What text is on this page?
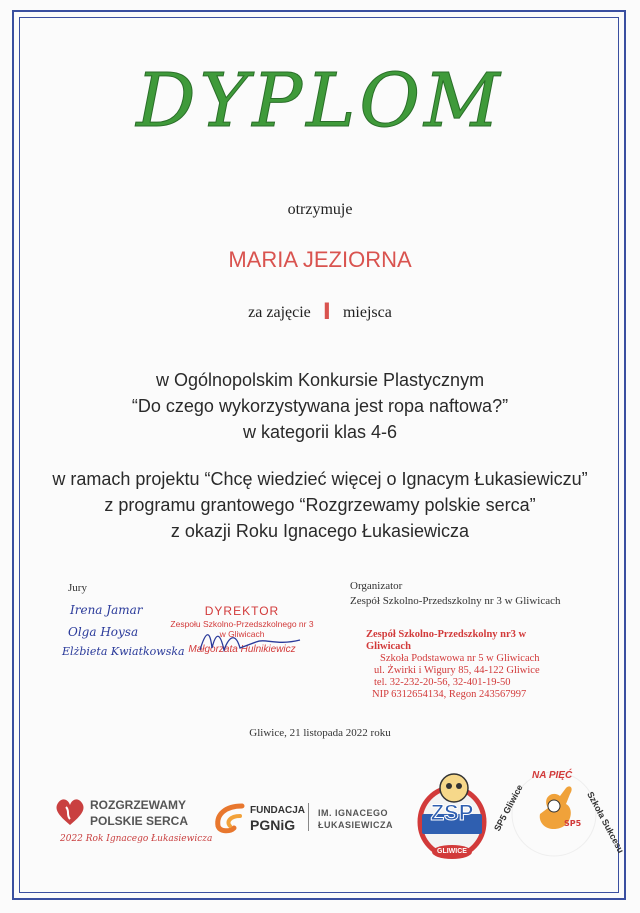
DYPLOM
otrzymuje
MARIA JEZIORNA
za zajęcie I miejsca
w Ogólnopolskim Konkursie Plastycznym
“Do czego wykorzystywana jest ropa naftowa?”
w kategorii klas 4-6
w ramach projektu “Chcę wiedzieć więcej o Ignacym Łukasiewiczu”
z programu grantowego “Rozgrzewamy polskie serca”
z okazji Roku Ignacego Łukasiewicza
Jury
Irena Jamar
Olga Hoysa
Elżbieta Kwiatkowska
DYREKTOR
Zespołu Szkolno-Przedszkolnego nr 3
w Gliwicach
Małgorzata Hulnikiewicz
Organizator
Zespół Szkolno-Przedszkolny nr 3 w Gliwicach
Zespół Szkolno-Przedszkolny nr3 w Gliwicach
Szkoła Podstawowa nr 5 w Gliwicach
ul. Żwirki i Wigury 85, 44-122 Gliwice
tel. 32-232-20-56, 32-401-19-50
NIP 6312654134, Regon 243567997
Gliwice, 21 listopada 2022 roku
ROZGRZEWAMY
POLSKIE SERCA
2022 Rok Ignacego Łukasiewicza
FUNDACJA
PGNiG
IM. IGNACEGO
ŁUKASIEWICZA	ZSP
GLIWICE
SP5
NA PIĘĆ
SP5 Gliwice	Szkoła Sukcesu
